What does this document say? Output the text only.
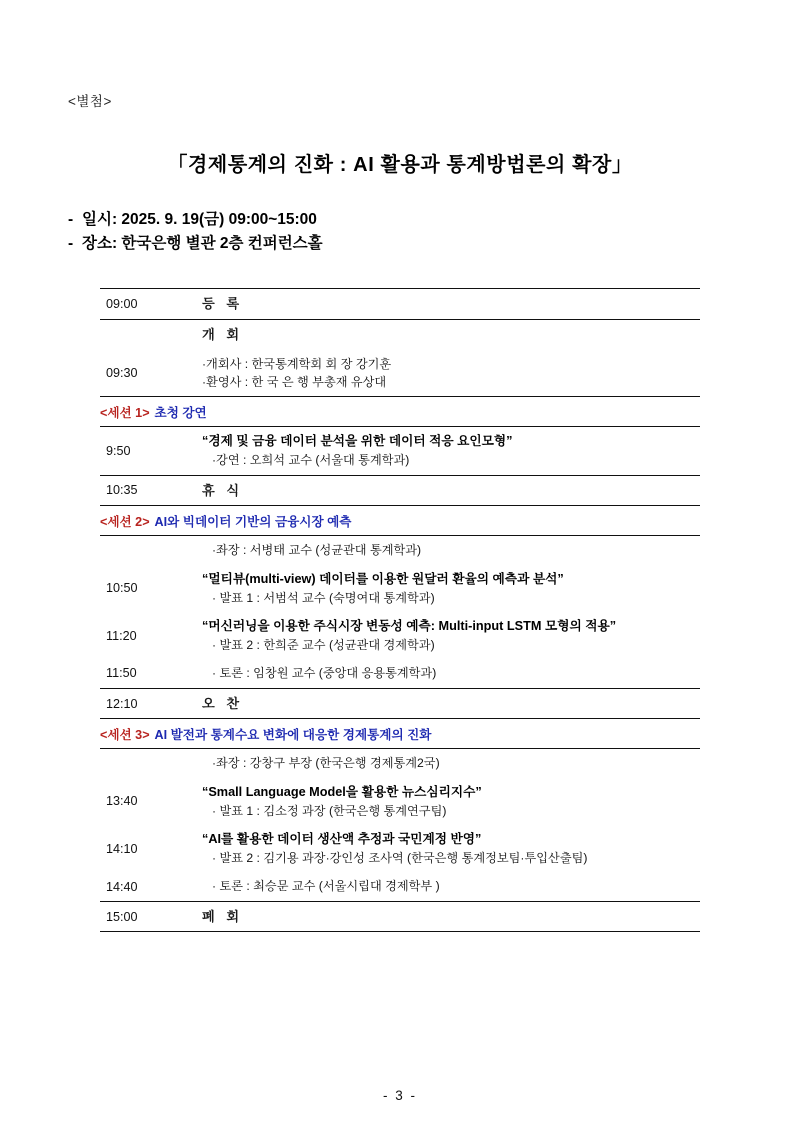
<별첨>
「경제통계의 진화 : AI 활용과 통계방법론의 확장」
- 일시: 2025. 9. 19(금) 09:00~15:00
- 장소: 한국은행 별관 2층 컨퍼런스홀
09:00	등 록
	개 회
09:30	·개회사 : 한국통계학회 회 장 강기훈
·환영사 : 한 국 은 행 부총재 유상대

<세션 1> 초청 강연	
9:50	“경제 및 금융 데이터 분석을 위한 데이터 적응 요인모형”
·강연 : 오희석 교수 (서울대 통계학과)

10:35	휴 식
<세션 2> AI와 빅데이터 기반의 금융시장 예측	

	·좌장 : 서병태 교수 (성균관대 통계학과)

10:50	“멀티뷰(multi-view) 데이터를 이용한 원달러 환율의 예측과 분석”
· 발표 1 : 서범석 교수 (숙명여대 통계학과)

11:20	“머신러닝을 이용한 주식시장 변동성 예측: Multi-input LSTM 모형의 적용”
· 발표 2 : 한희준 교수 (성균관대 경제학과)

11:50	· 토론 : 임창원 교수 (중앙대 응용통계학과)

12:10	오 찬
<세션 3> AI 발전과 통계수요 변화에 대응한 경제통계의 진화	

	·좌장 : 강창구 부장 (한국은행 경제통계2국)

13:40	“Small Language Model을 활용한 뉴스심리지수”
· 발표 1 : 김소정 과장 (한국은행 통계연구팀)

14:10	“AI를 활용한 데이터 생산액 추정과 국민계정 반영”
· 발표 2 : 김기용 과장·강인성 조사역 (한국은행 통계정보팀·투입산출팀)

14:40	· 토론 : 최승문 교수 (서울시립대 경제학부 )

15:00	폐 회
- 3 -
